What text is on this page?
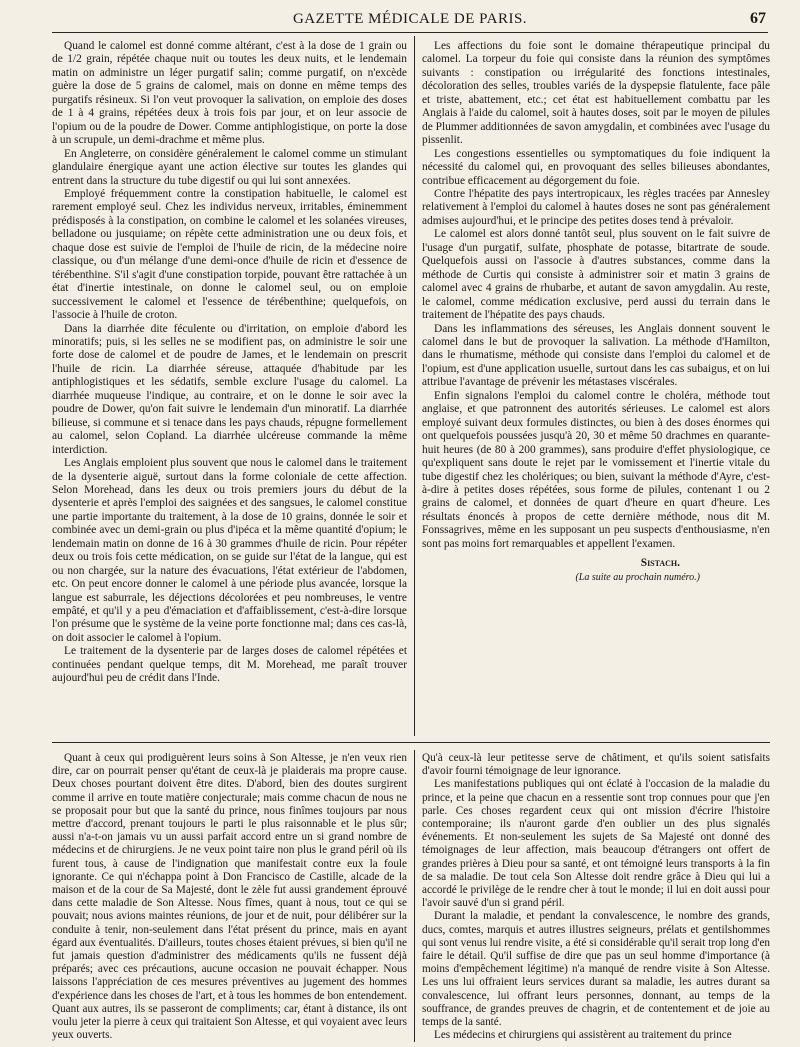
GAZETTE MÉDICALE DE PARIS.	67

Quand le calomel est donné comme altérant, c'est à la dose de 1 grain ou de 1/2 grain, répétée chaque nuit ou toutes les deux nuits, et le lendemain matin on administre un léger purgatif salin; comme purgatif, on n'excède guère la dose de 5 grains de calomel, mais on donne en même temps des purgatifs résineux. Si l'on veut provoquer la salivation, on emploie des doses de 1 à 4 grains, répétées deux à trois fois par jour, et on leur associe de l'opium ou de la poudre de Dower. Comme antiphlogistique, on porte la dose à un scrupule, un demi-drachme et même plus.

En Angleterre, on considère généralement le calomel comme un stimulant glandulaire énergique ayant une action élective sur toutes les glandes qui entrent dans la structure du tube digestif ou qui lui sont annexées.

Employé fréquemment contre la constipation habituelle, le calomel est rarement employé seul. Chez les individus nerveux, irritables, éminemment prédisposés à la constipation, on combine le calomel et les solanées vireuses, belladone ou jusquiame; on répète cette administration une ou deux fois, et chaque dose est suivie de l'emploi de l'huile de ricin, de la médecine noire classique, ou d'un mélange d'une demi-once d'huile de ricin et d'essence de térébenthine. S'il s'agit d'une constipation torpide, pouvant être rattachée à un état d'inertie intestinale, on donne le calomel seul, ou on emploie successivement le calomel et l'essence de térébenthine; quelquefois, on l'associe à l'huile de croton.

Dans la diarrhée dite féculente ou d'irritation, on emploie d'abord les minoratifs; puis, si les selles ne se modifient pas, on administre le soir une forte dose de calomel et de poudre de James, et le lendemain on prescrit l'huile de ricin. La diarrhée séreuse, attaquée d'habitude par les antiphlogistiques et les sédatifs, semble exclure l'usage du calomel. La diarrhée muqueuse l'indique, au contraire, et on le donne le soir avec la poudre de Dower, qu'on fait suivre le lendemain d'un minoratif. La diarrhée bilieuse, si commune et si tenace dans les pays chauds, répugne formellement au calomel, selon Copland. La diarrhée ulcéreuse commande la même interdiction.

Les Anglais emploient plus souvent que nous le calomel dans le traitement de la dysenterie aiguë, surtout dans la forme coloniale de cette affection. Selon Morehead, dans les deux ou trois premiers jours du début de la dysenterie et après l'emploi des saignées et des sangsues, le calomel constitue une partie importante du traitement, à la dose de 10 grains, donnée le soir et combinée avec un demi-grain ou plus d'ipéca et la même quantité d'opium; le lendemain matin on donne de 16 à 30 grammes d'huile de ricin. Pour répéter deux ou trois fois cette médication, on se guide sur l'état de la langue, qui est ou non chargée, sur la nature des évacuations, l'état extérieur de l'abdomen, etc. On peut encore donner le calomel à une période plus avancée, lorsque la langue est saburrale, les déjections décolorées et peu nombreuses, le ventre empâté, et qu'il y a peu d'émaciation et d'affaiblissement, c'est-à-dire lorsque l'on présume que le système de la veine porte fonctionne mal; dans ces cas-là, on doit associer le calomel à l'opium.

Le traitement de la dysenterie par de larges doses de calomel répétées et continuées pendant quelque temps, dit M. Morehead, me paraît trouver aujourd'hui peu de crédit dans l'Inde.

Les affections du foie sont le domaine thérapeutique principal du calomel. La torpeur du foie qui consiste dans la réunion des symptômes suivants : constipation ou irrégularité des fonctions intestinales, décoloration des selles, troubles variés de la dyspepsie flatulente, face pâle et triste, abattement, etc.; cet état est habituellement combattu par les Anglais à l'aide du calomel, soit à hautes doses, soit par le moyen de pilules de Plummer additionnées de savon amygdalin, et combinées avec l'usage du pissenlit.

Les congestions essentielles ou symptomatiques du foie indiquent la nécessité du calomel qui, en provoquant des selles bilieuses abondantes, contribue efficacement au dégorgement du foie.

Contre l'hépatite des pays intertropicaux, les règles tracées par Annesley relativement à l'emploi du calomel à hautes doses ne sont pas généralement admises aujourd'hui, et le principe des petites doses tend à prévaloir.

Le calomel est alors donné tantôt seul, plus souvent on le fait suivre de l'usage d'un purgatif, sulfate, phosphate de potasse, bitartrate de soude. Quelquefois aussi on l'associe à d'autres substances, comme dans la méthode de Curtis qui consiste à administrer soir et matin 3 grains de calomel avec 4 grains de rhubarbe, et autant de savon amygdalin. Au reste, le calomel, comme médication exclusive, perd aussi du terrain dans le traitement de l'hépatite des pays chauds.

Dans les inflammations des séreuses, les Anglais donnent souvent le calomel dans le but de provoquer la salivation. La méthode d'Hamilton, dans le rhumatisme, méthode qui consiste dans l'emploi du calomel et de l'opium, est d'une application usuelle, surtout dans les cas subaigus, et on lui attribue l'avantage de prévenir les métastases viscérales.

Enfin signalons l'emploi du calomel contre le choléra, méthode tout anglaise, et que patronnent des autorités sérieuses. Le calomel est alors employé suivant deux formules distinctes, ou bien à des doses énormes qui ont quelquefois poussées jusqu'à 20, 30 et même 50 drachmes en quarante-huit heures (de 80 à 200 grammes), sans produire d'effet physiologique, ce qu'expliquent sans doute le rejet par le vomissement et l'inertie vitale du tube digestif chez les cholériques; ou bien, suivant la méthode d'Ayre, c'est-à-dire à petites doses répétées, sous forme de pilules, contenant 1 ou 2 grains de calomel, et données de quart d'heure en quart d'heure. Les résultats énoncés à propos de cette dernière méthode, nous dit M. Fonssagrives, même en les supposant un peu suspects d'enthousiasme, n'en sont pas moins fort remarquables et appellent l'examen.

Sistach.

(La suite au prochain numéro.)

Quant à ceux qui prodiguèrent leurs soins à Son Altesse, je n'en veux rien dire, car on pourrait penser qu'étant de ceux-là je plaiderais ma propre cause. Deux choses pourtant doivent être dites. D'abord, bien des doutes surgirent comme il arrive en toute matière conjecturale; mais comme chacun de nous ne se proposait pour but que la santé du prince, nous finîmes toujours par nous mettre d'accord, prenant toujours le parti le plus raisonnable et le plus sûr; aussi n'a-t-on jamais vu un aussi parfait accord entre un si grand nombre de médecins et de chirurgiens. Je ne veux point taire non plus le grand péril où ils furent tous, à cause de l'indignation que manifestait contre eux la foule ignorante. Ce qui n'échappa point à Don Francisco de Castille, alcade de la maison et de la cour de Sa Majesté, dont le zèle fut aussi grandement éprouvé dans cette maladie de Son Altesse. Nous fîmes, quant à nous, tout ce qui se pouvait; nous avions maintes réunions, de jour et de nuit, pour délibérer sur la conduite à tenir, non-seulement dans l'état présent du prince, mais en ayant égard aux éventualités. D'ailleurs, toutes choses étaient prévues, si bien qu'il ne fut jamais question d'administrer des médicaments qu'ils ne fussent déjà préparés; avec ces précautions, aucune occasion ne pouvait échapper. Nous laissons l'appréciation de ces mesures préventives au jugement des hommes d'expérience dans les choses de l'art, et à tous les hommes de bon entendement. Quant aux autres, ils se passeront de compliments; car, étant à distance, ils ont voulu jeter la pierre à ceux qui traitaient Son Altesse, et qui voyaient avec leurs yeux ouverts.

Qu'à ceux-là leur petitesse serve de châtiment, et qu'ils soient satisfaits d'avoir fourni témoignage de leur ignorance.

Les manifestations publiques qui ont éclaté à l'occasion de la maladie du prince, et la peine que chacun en a ressentie sont trop connues pour que j'en parle. Ces choses regardent ceux qui ont mission d'écrire l'histoire contemporaine; ils n'auront garde d'en oublier un des plus signalés événements. Et non-seulement les sujets de Sa Majesté ont donné des témoignages de leur affection, mais beaucoup d'étrangers ont offert de grandes prières à Dieu pour sa santé, et ont témoigné leurs transports à la fin de sa maladie. De tout cela Son Altesse doit rendre grâce à Dieu qui lui a accordé le privilège de le rendre cher à tout le monde; il lui en doit aussi pour l'avoir sauvé d'un si grand péril.

Durant la maladie, et pendant la convalescence, le nombre des grands, ducs, comtes, marquis et autres illustres seigneurs, prélats et gentilshommes qui sont venus lui rendre visite, a été si considérable qu'il serait trop long d'en faire le détail. Qu'il suffise de dire que pas un seul homme d'importance (à moins d'empêchement légitime) n'a manqué de rendre visite à Son Altesse. Les uns lui offraient leurs services durant sa maladie, les autres durant sa convalescence, lui offrant leurs personnes, donnant, au temps de la souffrance, de grandes preuves de chagrin, et de contentement et de joie au temps de la santé.

Les médecins et chirurgiens qui assistèrent au traitement du prince
